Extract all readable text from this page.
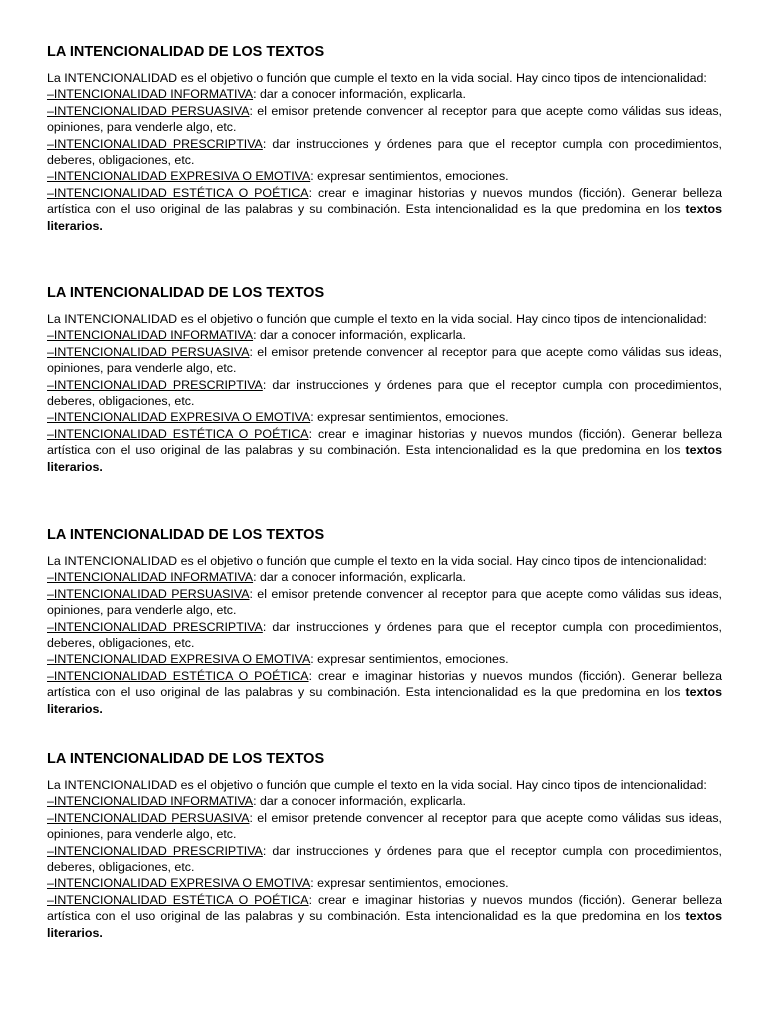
LA INTENCIONALIDAD DE LOS TEXTOS

La INTENCIONALIDAD es el objetivo o función que cumple el texto en la vida social. Hay cinco tipos de intencionalidad:

–INTENCIONALIDAD INFORMATIVA: dar a conocer información, explicarla.

–INTENCIONALIDAD PERSUASIVA: el emisor pretende convencer al receptor para que acepte como válidas sus ideas, opiniones, para venderle algo, etc.

–INTENCIONALIDAD PRESCRIPTIVA: dar instrucciones y órdenes para que el receptor cumpla con procedimientos, deberes, obligaciones, etc.

–INTENCIONALIDAD EXPRESIVA O EMOTIVA: expresar sentimientos, emociones.

–INTENCIONALIDAD ESTÉTICA O POÉTICA: crear e imaginar historias y nuevos mundos (ficción). Generar belleza artística con el uso original de las palabras y su combinación. Esta intencionalidad es la que predomina en los textos literarios.

LA INTENCIONALIDAD DE LOS TEXTOS

La INTENCIONALIDAD es el objetivo o función que cumple el texto en la vida social. Hay cinco tipos de intencionalidad:

–INTENCIONALIDAD INFORMATIVA: dar a conocer información, explicarla.

–INTENCIONALIDAD PERSUASIVA: el emisor pretende convencer al receptor para que acepte como válidas sus ideas, opiniones, para venderle algo, etc.

–INTENCIONALIDAD PRESCRIPTIVA: dar instrucciones y órdenes para que el receptor cumpla con procedimientos, deberes, obligaciones, etc.

–INTENCIONALIDAD EXPRESIVA O EMOTIVA: expresar sentimientos, emociones.

–INTENCIONALIDAD ESTÉTICA O POÉTICA: crear e imaginar historias y nuevos mundos (ficción). Generar belleza artística con el uso original de las palabras y su combinación. Esta intencionalidad es la que predomina en los textos literarios.

LA INTENCIONALIDAD DE LOS TEXTOS

La INTENCIONALIDAD es el objetivo o función que cumple el texto en la vida social. Hay cinco tipos de intencionalidad:

–INTENCIONALIDAD INFORMATIVA: dar a conocer información, explicarla.

–INTENCIONALIDAD PERSUASIVA: el emisor pretende convencer al receptor para que acepte como válidas sus ideas, opiniones, para venderle algo, etc.

–INTENCIONALIDAD PRESCRIPTIVA: dar instrucciones y órdenes para que el receptor cumpla con procedimientos, deberes, obligaciones, etc.

–INTENCIONALIDAD EXPRESIVA O EMOTIVA: expresar sentimientos, emociones.

–INTENCIONALIDAD ESTÉTICA O POÉTICA: crear e imaginar historias y nuevos mundos (ficción). Generar belleza artística con el uso original de las palabras y su combinación. Esta intencionalidad es la que predomina en los textos literarios.

LA INTENCIONALIDAD DE LOS TEXTOS

La INTENCIONALIDAD es el objetivo o función que cumple el texto en la vida social. Hay cinco tipos de intencionalidad:

–INTENCIONALIDAD INFORMATIVA: dar a conocer información, explicarla.

–INTENCIONALIDAD PERSUASIVA: el emisor pretende convencer al receptor para que acepte como válidas sus ideas, opiniones, para venderle algo, etc.

–INTENCIONALIDAD PRESCRIPTIVA: dar instrucciones y órdenes para que el receptor cumpla con procedimientos, deberes, obligaciones, etc.

–INTENCIONALIDAD EXPRESIVA O EMOTIVA: expresar sentimientos, emociones.

–INTENCIONALIDAD ESTÉTICA O POÉTICA: crear e imaginar historias y nuevos mundos (ficción). Generar belleza artística con el uso original de las palabras y su combinación. Esta intencionalidad es la que predomina en los textos literarios.
